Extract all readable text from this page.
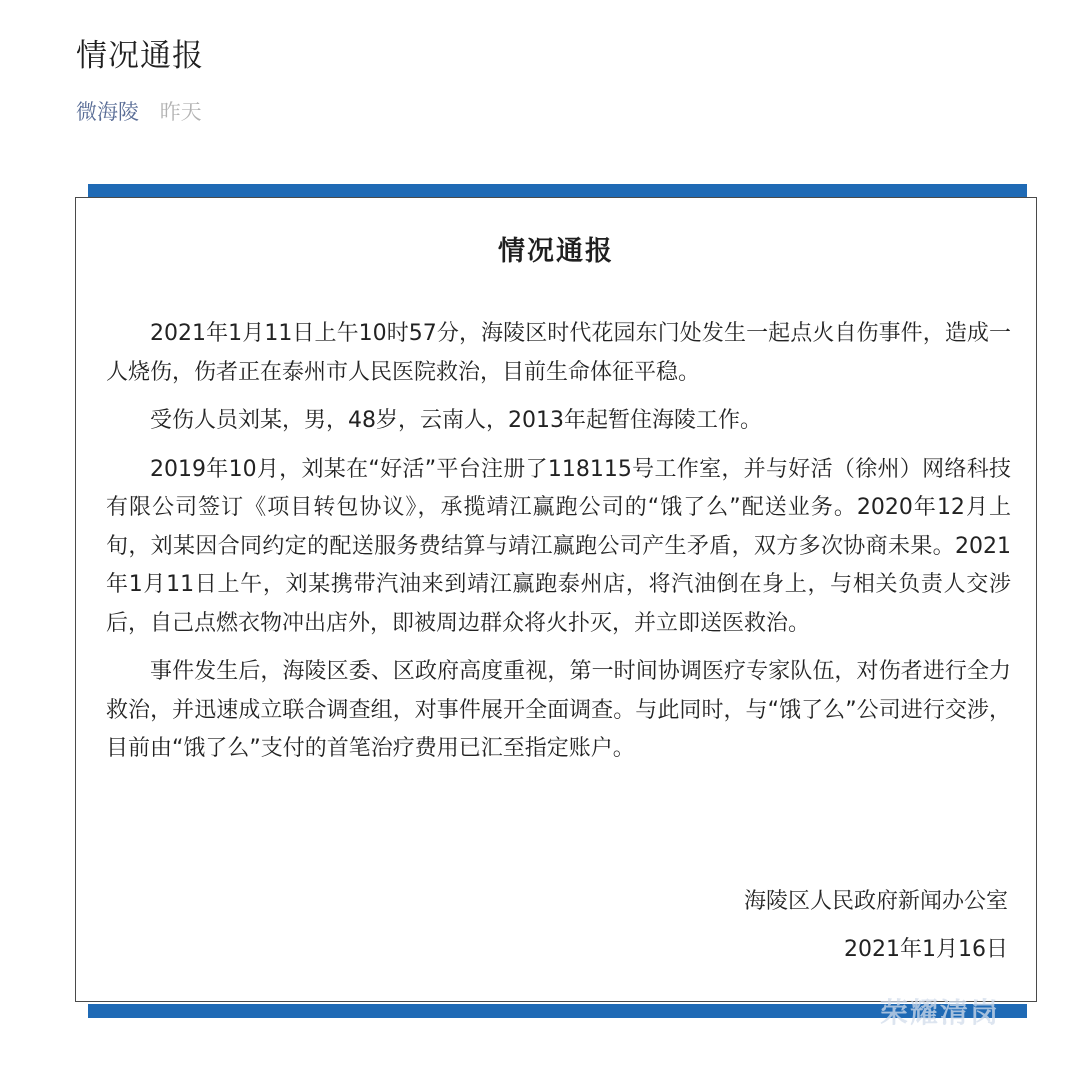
情况通报
微海陵 昨天
情况通报

2021年1月11日上午10时57分，海陵区时代花园东门处发生一起点火自伤事件，造成一人烧伤，伤者正在泰州市人民医院救治，目前生命体征平稳。

受伤人员刘某，男，48岁，云南人，2013年起暂住海陵工作。

2019年10月，刘某在“好活”平台注册了118115号工作室，并与好活（徐州）网络科技有限公司签订《项目转包协议》，承揽靖江赢跑公司的“饿了么”配送业务。2020年12月上旬，刘某因合同约定的配送服务费结算与靖江赢跑公司产生矛盾，双方多次协商未果。2021年1月11日上午，刘某携带汽油来到靖江赢跑泰州店，将汽油倒在身上，与相关负责人交涉后，自己点燃衣物冲出店外，即被周边群众将火扑灭，并立即送医救治。

事件发生后，海陵区委、区政府高度重视，第一时间协调医疗专家队伍，对伤者进行全力救治，并迅速成立联合调查组，对事件展开全面调查。与此同时，与“饿了么”公司进行交涉，目前由“饿了么”支付的首笔治疗费用已汇至指定账户。

海陵区人民政府新闻办公室
2021年1月16日
荣耀清岗
